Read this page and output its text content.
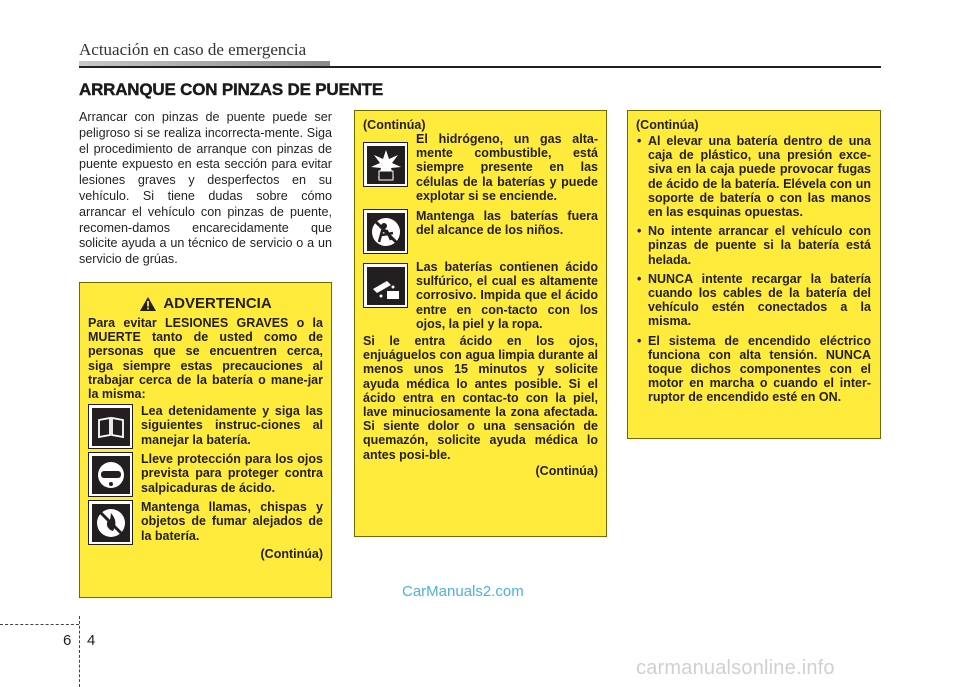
Actuación en caso de emergencia
ARRANQUE CON PINZAS DE PUENTE
Arrancar con pinzas de puente puede ser peligroso si se realiza incorrecta-mente. Siga el procedimiento de arranque con pinzas de puente expuesto en esta sección para evitar lesiones graves y desperfectos en su vehículo. Si tiene dudas sobre cómo arrancar el vehículo con pinzas de puente, recomen-damos encarecidamente que solicite ayuda a un técnico de servicio o a un servicio de grúas.
ADVERTENCIA
Para evitar LESIONES GRAVES o la MUERTE tanto de usted como de personas que se encuentren cerca, siga siempre estas precauciones al trabajar cerca de la batería o mane-jar la misma:
Lea detenidamente y siga las siguientes instruc-ciones al manejar la batería.
Lleve protección para los ojos prevista para proteger contra salpicaduras de ácido.
Mantenga llamas, chispas y objetos de fumar alejados de la batería.
(Continúa)
(Continúa)
El hidrógeno, un gas alta-mente combustible, está siempre presente en las células de la baterías y puede explotar si se enciende.
Mantenga las baterías fuera del alcance de los niños.
Las baterías contienen ácido sulfúrico, el cual es altamente corrosivo. Impida que el ácido entre en con-tacto con los ojos, la piel y la ropa.
Si le entra ácido en los ojos, enjuáguelos con agua limpia durante al menos unos 15 minutos y solicite ayuda médica lo antes posible. Si el ácido entra en contac-to con la piel, lave minuciosamente la zona afectada. Si siente dolor o una sensación de quemazón, solicite ayuda médica lo antes posi-ble.
(Continúa)
(Continúa)
• Al elevar una batería dentro de una caja de plástico, una presión exce-siva en la caja puede provocar fugas de ácido de la batería. Elévela con un soporte de batería o con las manos en las esquinas opuestas.
• No intente arrancar el vehículo con pinzas de puente si la batería está helada.
• NUNCA intente recargar la batería cuando los cables de la batería del vehículo estén conectados a la misma.
• El sistema de encendido eléctrico funciona con alta tensión. NUNCA toque dichos componentes con el motor en marcha o cuando el inter-ruptor de encendido esté en ON.
CarManuals2.com
carmanualsonline.info
6 4
